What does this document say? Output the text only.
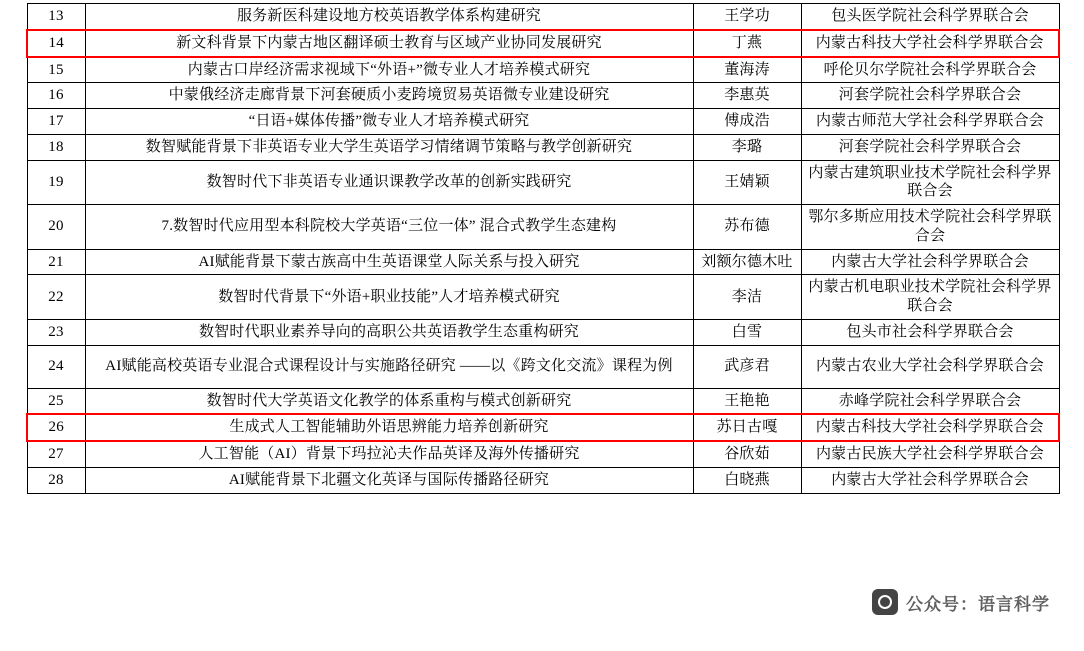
13	服务新医科建设地方校英语教学体系构建研究	王学功	包头医学院社会科学界联合会
14	新文科背景下内蒙古地区翻译硕士教育与区域产业协同发展研究	丁燕	内蒙古科技大学社会科学界联合会
15	内蒙古口岸经济需求视域下“外语+”微专业人才培养模式研究	董海涛	呼伦贝尔学院社会科学界联合会
16	中蒙俄经济走廊背景下河套硬质小麦跨境贸易英语微专业建设研究	李惠英	河套学院社会科学界联合会
17	“日语+媒体传播”微专业人才培养模式研究	傅成浩	内蒙古师范大学社会科学界联合会
18	数智赋能背景下非英语专业大学生英语学习情绪调节策略与教学创新研究	李璐	河套学院社会科学界联合会
19	数智时代下非英语专业通识课教学改革的创新实践研究	王婧颖	内蒙古建筑职业技术学院社会科学界联合会
20	7.数智时代应用型本科院校大学英语“三位一体” 混合式教学生态建构	苏布德	鄂尔多斯应用技术学院社会科学界联合会
21	AI赋能背景下蒙古族高中生英语课堂人际关系与投入研究	刘额尔德木吐	内蒙古大学社会科学界联合会
22	数智时代背景下“外语+职业技能”人才培养模式研究	李洁	内蒙古机电职业技术学院社会科学界联合会
23	数智时代职业素养导向的高职公共英语教学生态重构研究	白雪	包头市社会科学界联合会
24	AI赋能高校英语专业混合式课程设计与实施路径研究 ——以《跨文化交流》课程为例	武彦君	内蒙古农业大学社会科学界联合会
25	数智时代大学英语文化教学的体系重构与模式创新研究	王艳艳	赤峰学院社会科学界联合会
26	生成式人工智能辅助外语思辨能力培养创新研究	苏日古嘎	内蒙古科技大学社会科学界联合会
27	人工智能（AI）背景下玛拉沁夫作品英译及海外传播研究	谷欣茹	内蒙古民族大学社会科学界联合会
28	AI赋能背景下北疆文化英译与国际传播路径研究	白晓燕	内蒙古大学社会科学界联合会
公众号：语言科学
